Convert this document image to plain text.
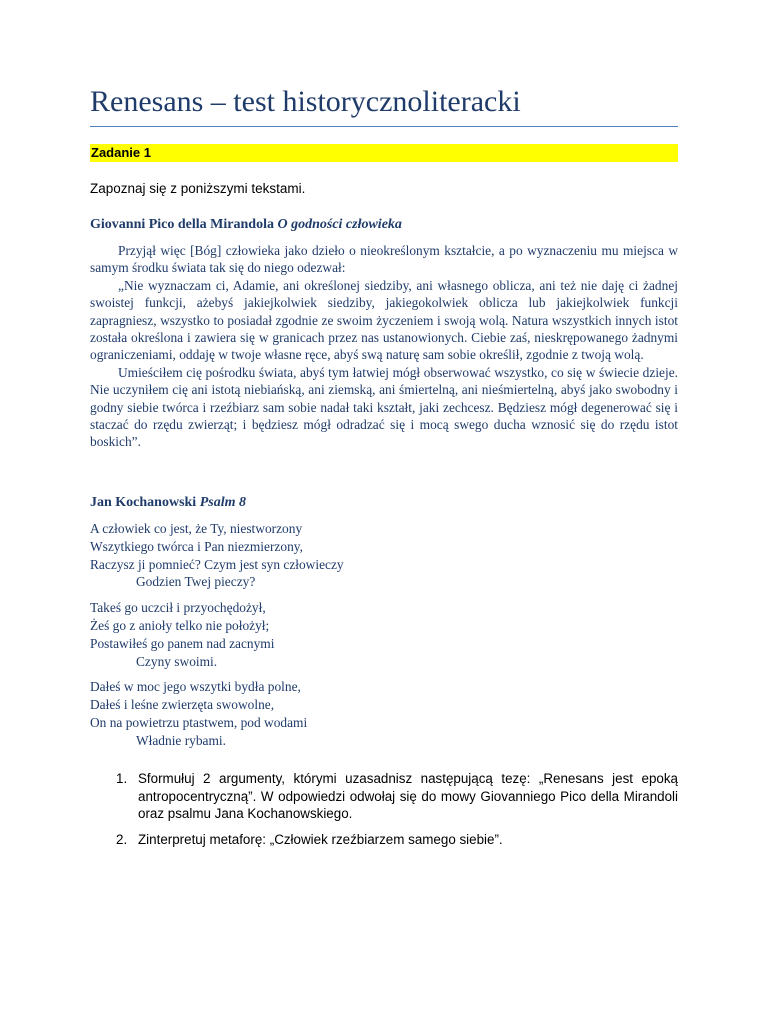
Renesans – test historycznoliteracki
Zadanie 1
Zapoznaj się z poniższymi tekstami.
Giovanni Pico della Mirandola O godności człowieka

Przyjął więc [Bóg] człowieka jako dzieło o nieokreślonym kształcie, a po wyznaczeniu mu miejsca w samym środku świata tak się do niego odezwał:

„Nie wyznaczam ci, Adamie, ani określonej siedziby, ani własnego oblicza, ani też nie daję ci żadnej swoistej funkcji, ażebyś jakiejkolwiek siedziby, jakiegokolwiek oblicza lub jakiejkolwiek funkcji zapragniesz, wszystko to posiadał zgodnie ze swoim życzeniem i swoją wolą. Natura wszystkich innych istot została określona i zawiera się w granicach przez nas ustanowionych. Ciebie zaś, nieskrępowanego żadnymi ograniczeniami, oddaję w twoje własne ręce, abyś swą naturę sam sobie określił, zgodnie z twoją wolą.

Umieściłem cię pośrodku świata, abyś tym łatwiej mógł obserwować wszystko, co się w świecie dzieje. Nie uczyniłem cię ani istotą niebiańską, ani ziemską, ani śmiertelną, ani nieśmiertelną, abyś jako swobodny i godny siebie twórca i rzeźbiarz sam sobie nadał taki kształt, jaki zechcesz. Będziesz mógł degenerować się i staczać do rzędu zwierząt; i będziesz mógł odradzać się i mocą swego ducha wznosić się do rzędu istot boskich”.

Jan Kochanowski Psalm 8
A człowiek co jest, że Ty, niestworzony
Wszytkiego twórca i Pan niezmierzony,
Raczysz ji pomnieć? Czym jest syn człowieczy
Godzien Twej pieczy?
Takeś go uczcił i przyochędożył,
Żeś go z anioły telko nie położył;
Postawiłeś go panem nad zacnymi
Czyny swoimi.
Dałeś w moc jego wszytki bydła polne,
Dałeś i leśne zwierzęta swowolne,
On na powietrzu ptastwem, pod wodami
Władnie rybami.
1. Sformułuj 2 argumenty, którymi uzasadnisz następującą tezę: „Renesans jest epoką antropocentryczną”. W odpowiedzi odwołaj się do mowy Giovanniego Pico della Mirandoli oraz psalmu Jana Kochanowskiego.
2. Zinterpretuj metaforę: „Człowiek rzeźbiarzem samego siebie”.
